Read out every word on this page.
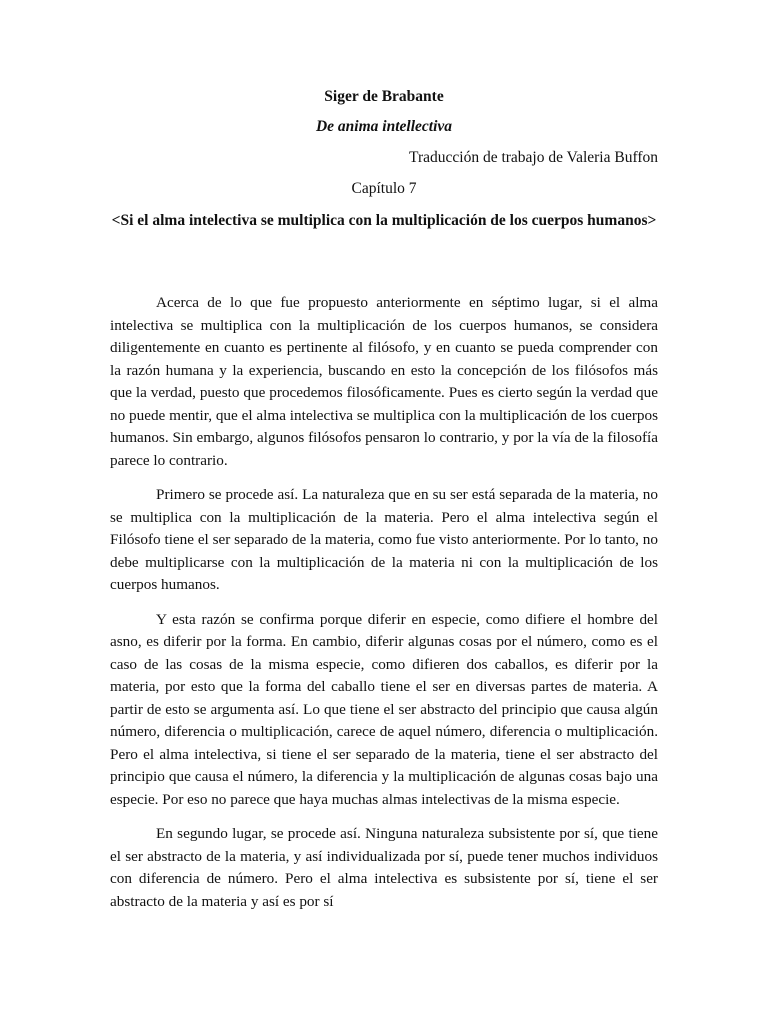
Siger de Brabante
De anima intellectiva
Traducción de trabajo de Valeria Buffon
Capítulo 7

<Si el alma intelectiva se multiplica con la multiplicación de los cuerpos humanos>

Acerca de lo que fue propuesto anteriormente en séptimo lugar, si el alma intelectiva se multiplica con la multiplicación de los cuerpos humanos, se considera diligentemente en cuanto es pertinente al filósofo, y en cuanto se pueda comprender con la razón humana y la experiencia, buscando en esto la concepción de los filósofos más que la verdad, puesto que procedemos filosóficamente. Pues es cierto según la verdad que no puede mentir, que el alma intelectiva se multiplica con la multiplicación de los cuerpos humanos. Sin embargo, algunos filósofos pensaron lo contrario, y por la vía de la filosofía parece lo contrario.

Primero se procede así. La naturaleza que en su ser está separada de la materia, no se multiplica con la multiplicación de la materia. Pero el alma intelectiva según el Filósofo tiene el ser separado de la materia, como fue visto anteriormente. Por lo tanto, no debe multiplicarse con la multiplicación de la materia ni con la multiplicación de los cuerpos humanos.

Y esta razón se confirma porque diferir en especie, como difiere el hombre del asno, es diferir por la forma. En cambio, diferir algunas cosas por el número, como es el caso de las cosas de la misma especie, como difieren dos caballos, es diferir por la materia, por esto que la forma del caballo tiene el ser en diversas partes de materia. A partir de esto se argumenta así. Lo que tiene el ser abstracto del principio que causa algún número, diferencia o multiplicación, carece de aquel número, diferencia o multiplicación. Pero el alma intelectiva, si tiene el ser separado de la materia, tiene el ser abstracto del principio que causa el número, la diferencia y la multiplicación de algunas cosas bajo una especie. Por eso no parece que haya muchas almas intelectivas de la misma especie.

En segundo lugar, se procede así. Ninguna naturaleza subsistente por sí, que tiene el ser abstracto de la materia, y así individualizada por sí, puede tener muchos individuos con diferencia de número. Pero el alma intelectiva es subsistente por sí, tiene el ser abstracto de la materia y así es por sí
